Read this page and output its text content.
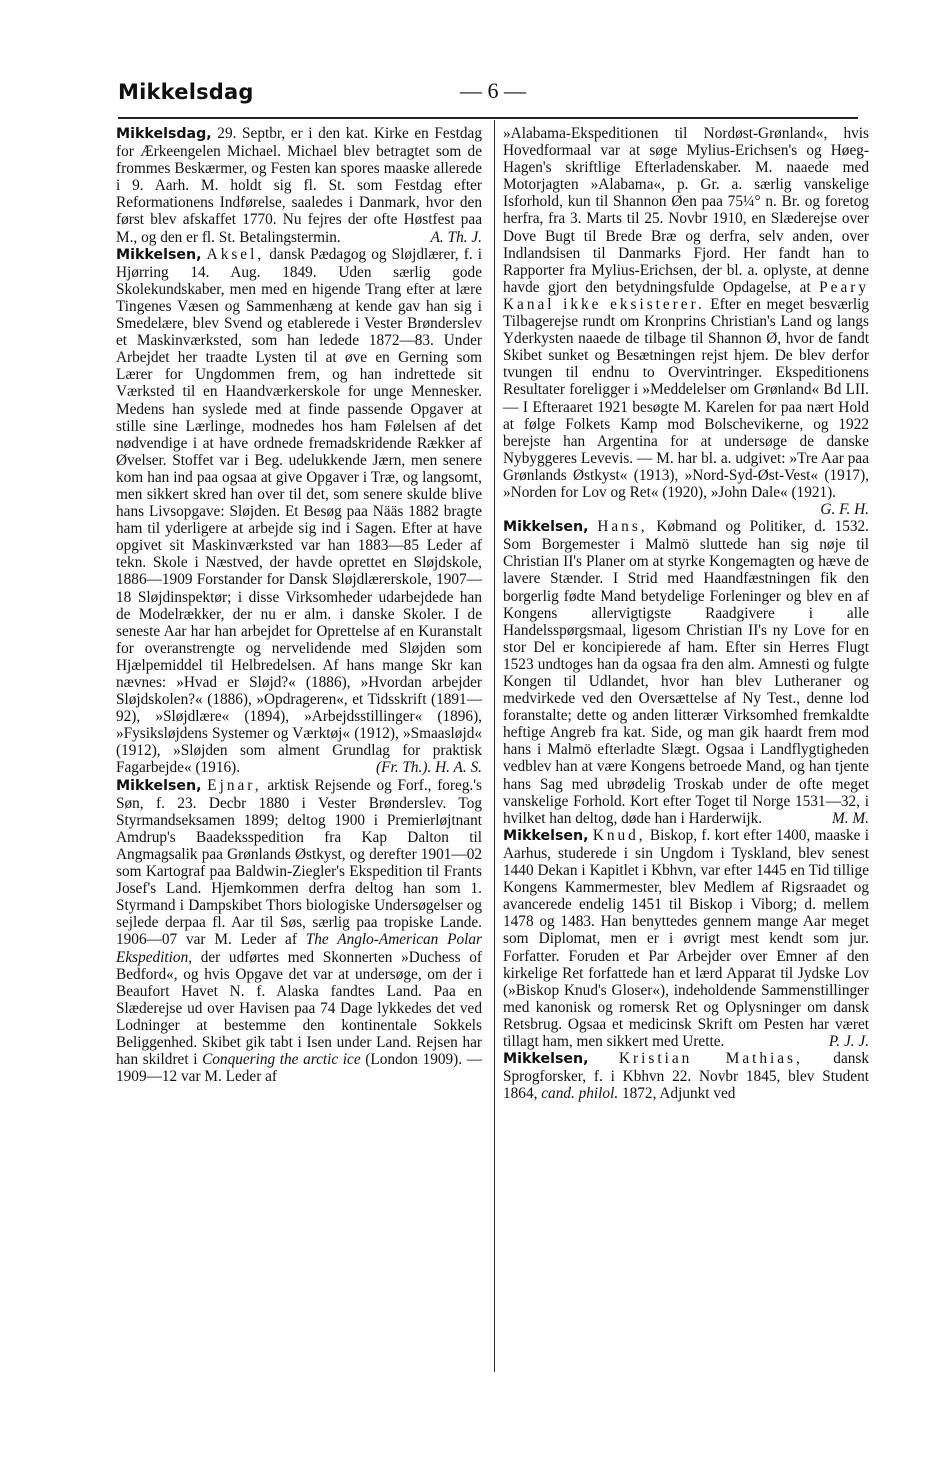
Mikkelsdag	— 6 —

Mikkelsdag, 29. Septbr, er i den kat. Kirke en Festdag for Ærkeengelen Michael. Michael blev betragtet som de frommes Beskærmer, og Festen kan spores maaske allerede i 9. Aarh. M. holdt sig fl. St. som Festdag efter Reformationens Indførelse, saaledes i Danmark, hvor den først blev afskaffet 1770. Nu fejres der ofte Høstfest paa M., og den er fl. St. Betalingstermin.	A. Th. J.

Mikkelsen, Aksel, dansk Pædagog og Sløjdlærer, f. i Hjørring 14. Aug. 1849. Uden særlig gode Skolekundskaber, men med en higende Trang efter at lære Tingenes Væsen og Sammenhæng at kende gav han sig i Smedelære, blev Svend og etablerede i Vester Brønderslev et Maskinværksted, som han ledede 1872—83. Under Arbejdet her traadte Lysten til at øve en Gerning som Lærer for Ungdommen frem, og han indrettede sit Værksted til en Haandværkerskole for unge Mennesker. Medens han syslede med at finde passende Opgaver at stille sine Lærlinge, modnedes hos ham Følelsen af det nødvendige i at have ordnede fremadskridende Rækker af Øvelser. Stoffet var i Beg. udelukkende Jærn, men senere kom han ind paa ogsaa at give Opgaver i Træ, og langsomt, men sikkert skred han over til det, som senere skulde blive hans Livsopgave: Sløjden. Et Besøg paa Nääs 1882 bragte ham til yderligere at arbejde sig ind i Sagen. Efter at have opgivet sit Maskinværksted var han 1883—85 Leder af tekn. Skole i Næstved, der havde oprettet en Sløjdskole, 1886—1909 Forstander for Dansk Sløjdlærerskole, 1907—18 Sløjdinspektør; i disse Virksomheder udarbejdede han de Modelrækker, der nu er alm. i danske Skoler. I de seneste Aar har han arbejdet for Oprettelse af en Kuranstalt for overanstrengte og nervelidende med Sløjden som Hjælpemiddel til Helbredelsen. Af hans mange Skr kan nævnes: »Hvad er Sløjd?« (1886), »Hvordan arbejder Sløjdskolen?« (1886), »Opdrageren«, et Tidsskrift (1891—92), »Sløjdlære« (1894), »Arbejdsstillinger« (1896), »Fysiksløjdens Systemer og Værktøj« (1912), »Smaasløjd« (1912), »Sløjden som alment Grundlag for praktisk Fagarbejde« (1916).	(Fr. Th.). H. A. S.

Mikkelsen, Ejnar, arktisk Rejsende og Forf., foreg.'s Søn, f. 23. Decbr 1880 i Vester Brønderslev. Tog Styrmandseksamen 1899; deltog 1900 i Premierløjtnant Amdrup's Baadeksspedition fra Kap Dalton til Angmagsalik paa Grønlands Østkyst, og derefter 1901—02 som Kartograf paa Baldwin-Ziegler's Ekspedition til Frants Josef's Land. Hjemkommen derfra deltog han som 1. Styrmand i Dampskibet Thors biologiske Undersøgelser og sejlede derpaa fl. Aar til Søs, særlig paa tropiske Lande. 1906—07 var M. Leder af The Anglo-American Polar Ekspedition, der udførtes med Skonnerten »Duchess of Bedford«, og hvis Opgave det var at undersøge, om der i Beaufort Havet N. f. Alaska fandtes Land. Paa en Slæderejse ud over Havisen paa 74 Dage lykkedes det ved Lodninger at bestemme den kontinentale Sokkels Beliggenhed. Skibet gik tabt i Isen under Land. Rejsen har han skildret i Conquering the arctic ice (London 1909). — 1909—12 var M. Leder af

»Alabama-Ekspeditionen til Nordøst-Grønland«, hvis Hovedformaal var at søge Mylius-Erichsen's og Høeg-Hagen's skriftlige Efterladenskaber. M. naaede med Motorjagten »Alabama«, p. Gr. a. særlig vanskelige Isforhold, kun til Shannon Øen paa 75¼° n. Br. og foretog herfra, fra 3. Marts til 25. Novbr 1910, en Slæderejse over Dove Bugt til Brede Bræ og derfra, selv anden, over Indlandsisen til Danmarks Fjord. Her fandt han to Rapporter fra Mylius-Erichsen, der bl. a. oplyste, at denne havde gjort den betydningsfulde Opdagelse, at Peary Kanal ikke eksisterer. Efter en meget besværlig Tilbagerejse rundt om Kronprins Christian's Land og langs Yderkysten naaede de tilbage til Shannon Ø, hvor de fandt Skibet sunket og Besætningen rejst hjem. De blev derfor tvungen til endnu to Overvintringer. Ekspeditionens Resultater foreligger i »Meddelelser om Grønland« Bd LII. — I Efteraaret 1921 besøgte M. Karelen for paa nært Hold at følge Folkets Kamp mod Bolschevikerne, og 1922 berejste han Argentina for at undersøge de danske Nybyggeres Levevis. — M. har bl. a. udgivet: »Tre Aar paa Grønlands Østkyst« (1913), »Nord-Syd-Øst-Vest« (1917), »Norden for Lov og Ret« (1920), »John Dale« (1921).
G. F. H.

Mikkelsen, Hans, Købmand og Politiker, d. 1532. Som Borgemester i Malmö sluttede han sig nøje til Christian II's Planer om at styrke Kongemagten og hæve de lavere Stænder. I Strid med Haandfæstningen fik den borgerlig fødte Mand betydelige Forleninger og blev en af Kongens allervigtigste Raadgivere i alle Handelsspørgsmaal, ligesom Christian II's ny Love for en stor Del er koncipierede af ham. Efter sin Herres Flugt 1523 undtoges han da ogsaa fra den alm. Amnesti og fulgte Kongen til Udlandet, hvor han blev Lutheraner og medvirkede ved den Oversættelse af Ny Test., denne lod foranstalte; dette og anden litterær Virksomhed fremkaldte heftige Angreb fra kat. Side, og man gik haardt frem mod hans i Malmö efterladte Slægt. Ogsaa i Landflygtigheden vedblev han at være Kongens betroede Mand, og han tjente hans Sag med ubrødelig Troskab under de ofte meget vanskelige Forhold. Kort efter Toget til Norge 1531—32, i hvilket han deltog, døde han i Harderwijk.	M. M.

Mikkelsen, Knud, Biskop, f. kort efter 1400, maaske i Aarhus, studerede i sin Ungdom i Tyskland, blev senest 1440 Dekan i Kapitlet i Kbhvn, var efter 1445 en Tid tillige Kongens Kammermester, blev Medlem af Rigsraadet og avancerede endelig 1451 til Biskop i Viborg; d. mellem 1478 og 1483. Han benyttedes gennem mange Aar meget som Diplomat, men er i øvrigt mest kendt som jur. Forfatter. Foruden et Par Arbejder over Emner af den kirkelige Ret forfattede han et lærd Apparat til Jydske Lov (»Biskop Knud's Gloser«), indeholdende Sammenstillinger med kanonisk og romersk Ret og Oplysninger om dansk Retsbrug. Ogsaa et medicinsk Skrift om Pesten har været tillagt ham, men sikkert med Urette.	P. J. J.

Mikkelsen, Kristian Mathias, dansk Sprogforsker, f. i Kbhvn 22. Novbr 1845, blev Student 1864, cand. philol. 1872, Adjunkt ved
